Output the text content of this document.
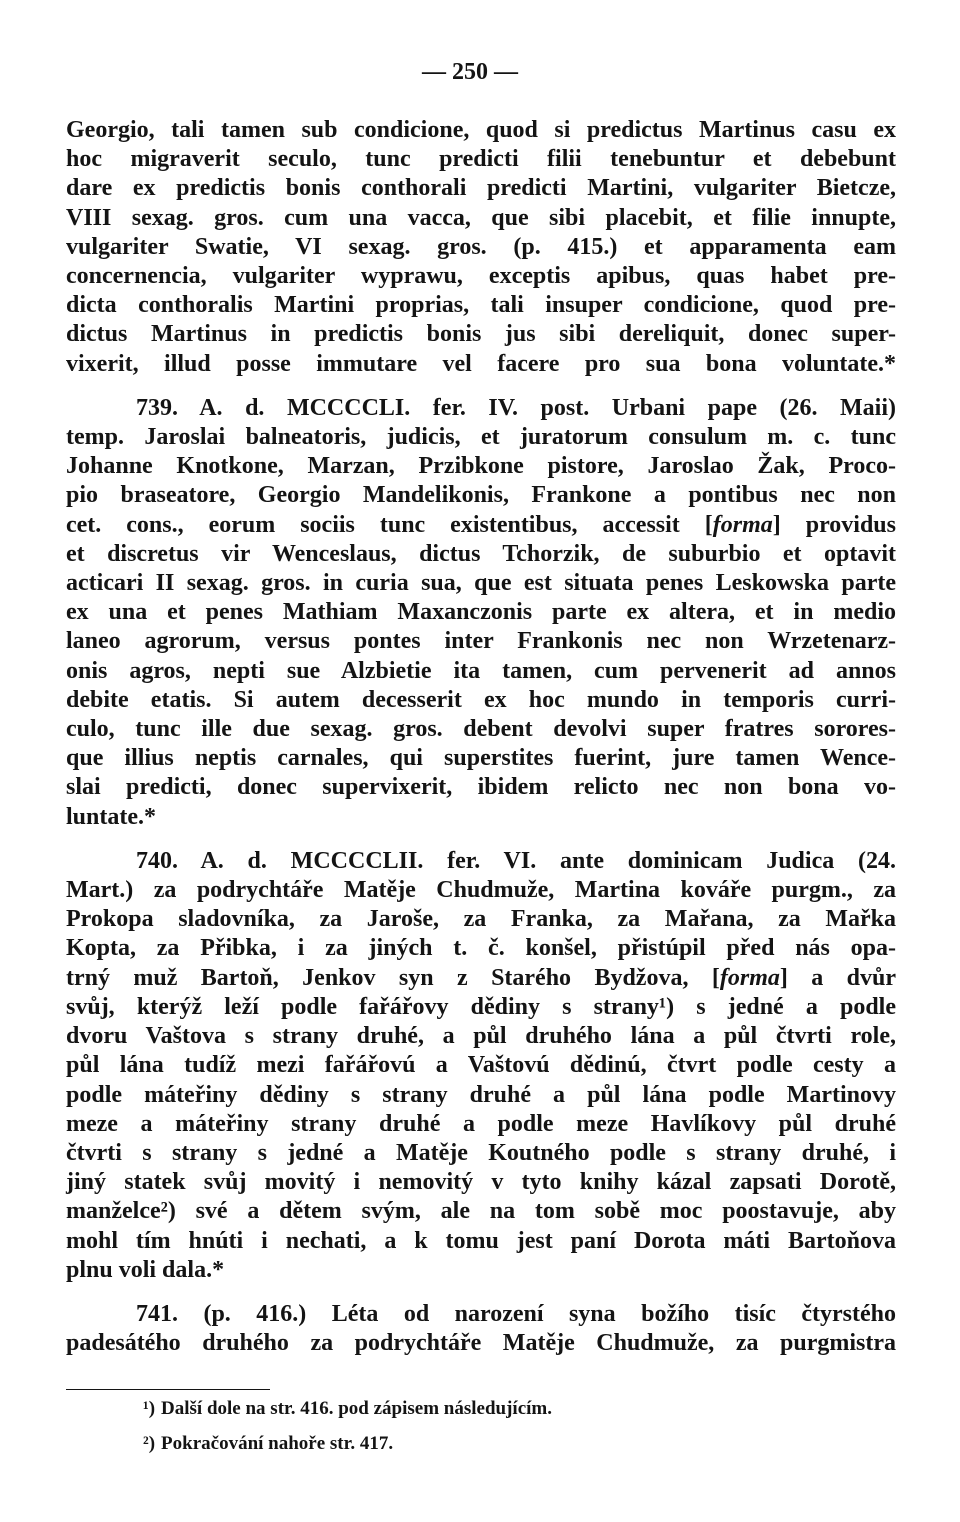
— 250 —
Georgio, tali tamen sub condicione, quod si predictus Martinus casu ex
hoc migraverit seculo, tunc predicti filii tenebuntur et debebunt
dare ex predictis bonis conthorali predicti Martini, vulgariter Bietcze,
VIII sexag. gros. cum una vacca, que sibi placebit, et filie innupte,
vulgariter Swatie, VI sexag. gros. (p. 415.) et apparamenta eam
concernencia, vulgariter wyprawu, exceptis apibus, quas habet pre-
dicta conthoralis Martini proprias, tali insuper condicione, quod pre-
dictus Martinus in predictis bonis jus sibi dereliquit, donec super-
vixerit, illud posse immutare vel facere pro sua bona voluntate.*
739. A. d. MCCCCLI. fer. IV. post. Urbani pape (26. Maii)
temp. Jaroslai balneatoris, judicis, et juratorum consulum m. c. tunc
Johanne Knotkone, Marzan, Przibkone pistore, Jaroslao Žak, Proco-
pio braseatore, Georgio Mandelikonis, Frankone a pontibus nec non
cet. cons., eorum sociis tunc existentibus, accessit [forma] providus
et discretus vir Wenceslaus, dictus Tchorzik, de suburbio et optavit
acticari II sexag. gros. in curia sua, que est situata penes Leskowska parte
ex una et penes Mathiam Maxanczonis parte ex altera, et in medio
laneo agrorum, versus pontes inter Frankonis nec non Wrzetenarz-
onis agros, nepti sue Alzbietie ita tamen, cum pervenerit ad annos
debite etatis. Si autem decesserit ex hoc mundo in temporis curri-
culo, tunc ille due sexag. gros. debent devolvi super fratres sorores-
que illius neptis carnales, qui superstites fuerint, jure tamen Wence-
slai predicti, donec supervixerit, ibidem relicto nec non bona vo-
luntate.*
740. A. d. MCCCCLII. fer. VI. ante dominicam Judica (24.
Mart.) za podrychtáře Matěje Chudmuže, Martina kováře purgm., za
Prokopa sladovníka, za Jaroše, za Franka, za Mařana, za Mařka
Kopta, za Přibka, i za jiných t. č. konšel, přistúpil před nás opa-
trný muž Bartoň, Jenkov syn z Starého Bydžova, [forma] a dvůr
svůj, kterýž leží podle fařářovy dědiny s strany¹) s jedné a podle
dvoru Vaštova s strany druhé, a půl druhého lána a půl čtvrti role,
půl lána tudíž mezi fařářovú a Vaštovú dědinú, čtvrt podle cesty a
podle máteřiny dědiny s strany druhé a půl lána podle Martinovy
meze a máteřiny strany druhé a podle meze Havlíkovy půl druhé
čtvrti s strany s jedné a Matěje Koutného podle s strany druhé, i
jiný statek svůj movitý i nemovitý v tyto knihy kázal zapsati Dorotě,
manželce²) své a dětem svým, ale na tom sobě moc poostavuje, aby
mohl tím hnúti i nechati, a k tomu jest paní Dorota máti Bartoňova
plnu voli dala.*
741. (p. 416.) Léta od narození syna božího tisíc čtyrstého
padesátého druhého za podrychtáře Matěje Chudmuže, za purgmistra
¹) Další dole na str. 416. pod zápisem následujícím.
²) Pokračování nahoře str. 417.
